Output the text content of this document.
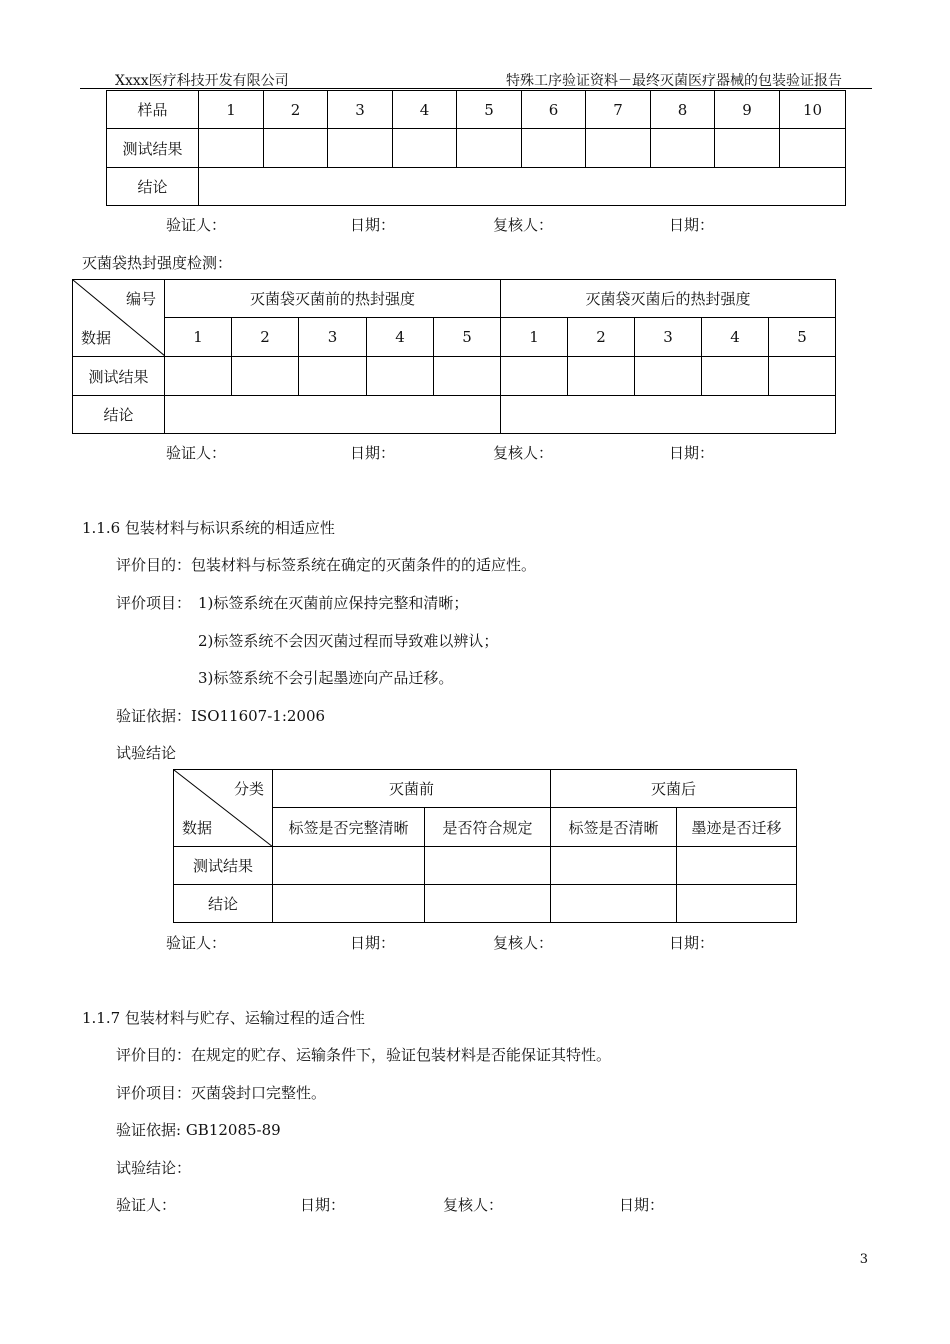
Xxxx医疗科技开发有限公司	特殊工序验证资料－最终灭菌医疗器械的包装验证报告
样品	1	2	3	4	5	6	7	8	9	10
测试结果										
结论										
验证人：	日期：	复核人：	日期：
灭菌袋热封强度检测：
编号
数据	灭菌袋灭菌前的热封强度					灭菌袋灭菌后的热封强度				
	1	2	3	4	5	1	2	3	4	5
测试结果										
结论										
验证人：	日期：	复核人：	日期：
1.1.6 包装材料与标识系统的相适应性
评价目的：包装材料与标签系统在确定的灭菌条件的的适应性。
评价项目： 1)标签系统在灭菌前应保持完整和清晰；
2)标签系统不会因灭菌过程而导致难以辨认；
3)标签系统不会引起墨迹向产品迁移。
验证依据：ISO11607-1:2006
试验结论
分类
数据	灭菌前		灭菌后	
	标签是否完整清晰	是否符合规定	标签是否清晰	墨迹是否迁移
测试结果				
结论				
验证人：	日期：	复核人：	日期：
1.1.7 包装材料与贮存、运输过程的适合性
评价目的：在规定的贮存、运输条件下，验证包装材料是否能保证其特性。
评价项目：灭菌袋封口完整性。
验证依据: GB12085-89
试验结论：
验证人：	日期：	复核人：	日期：
3
